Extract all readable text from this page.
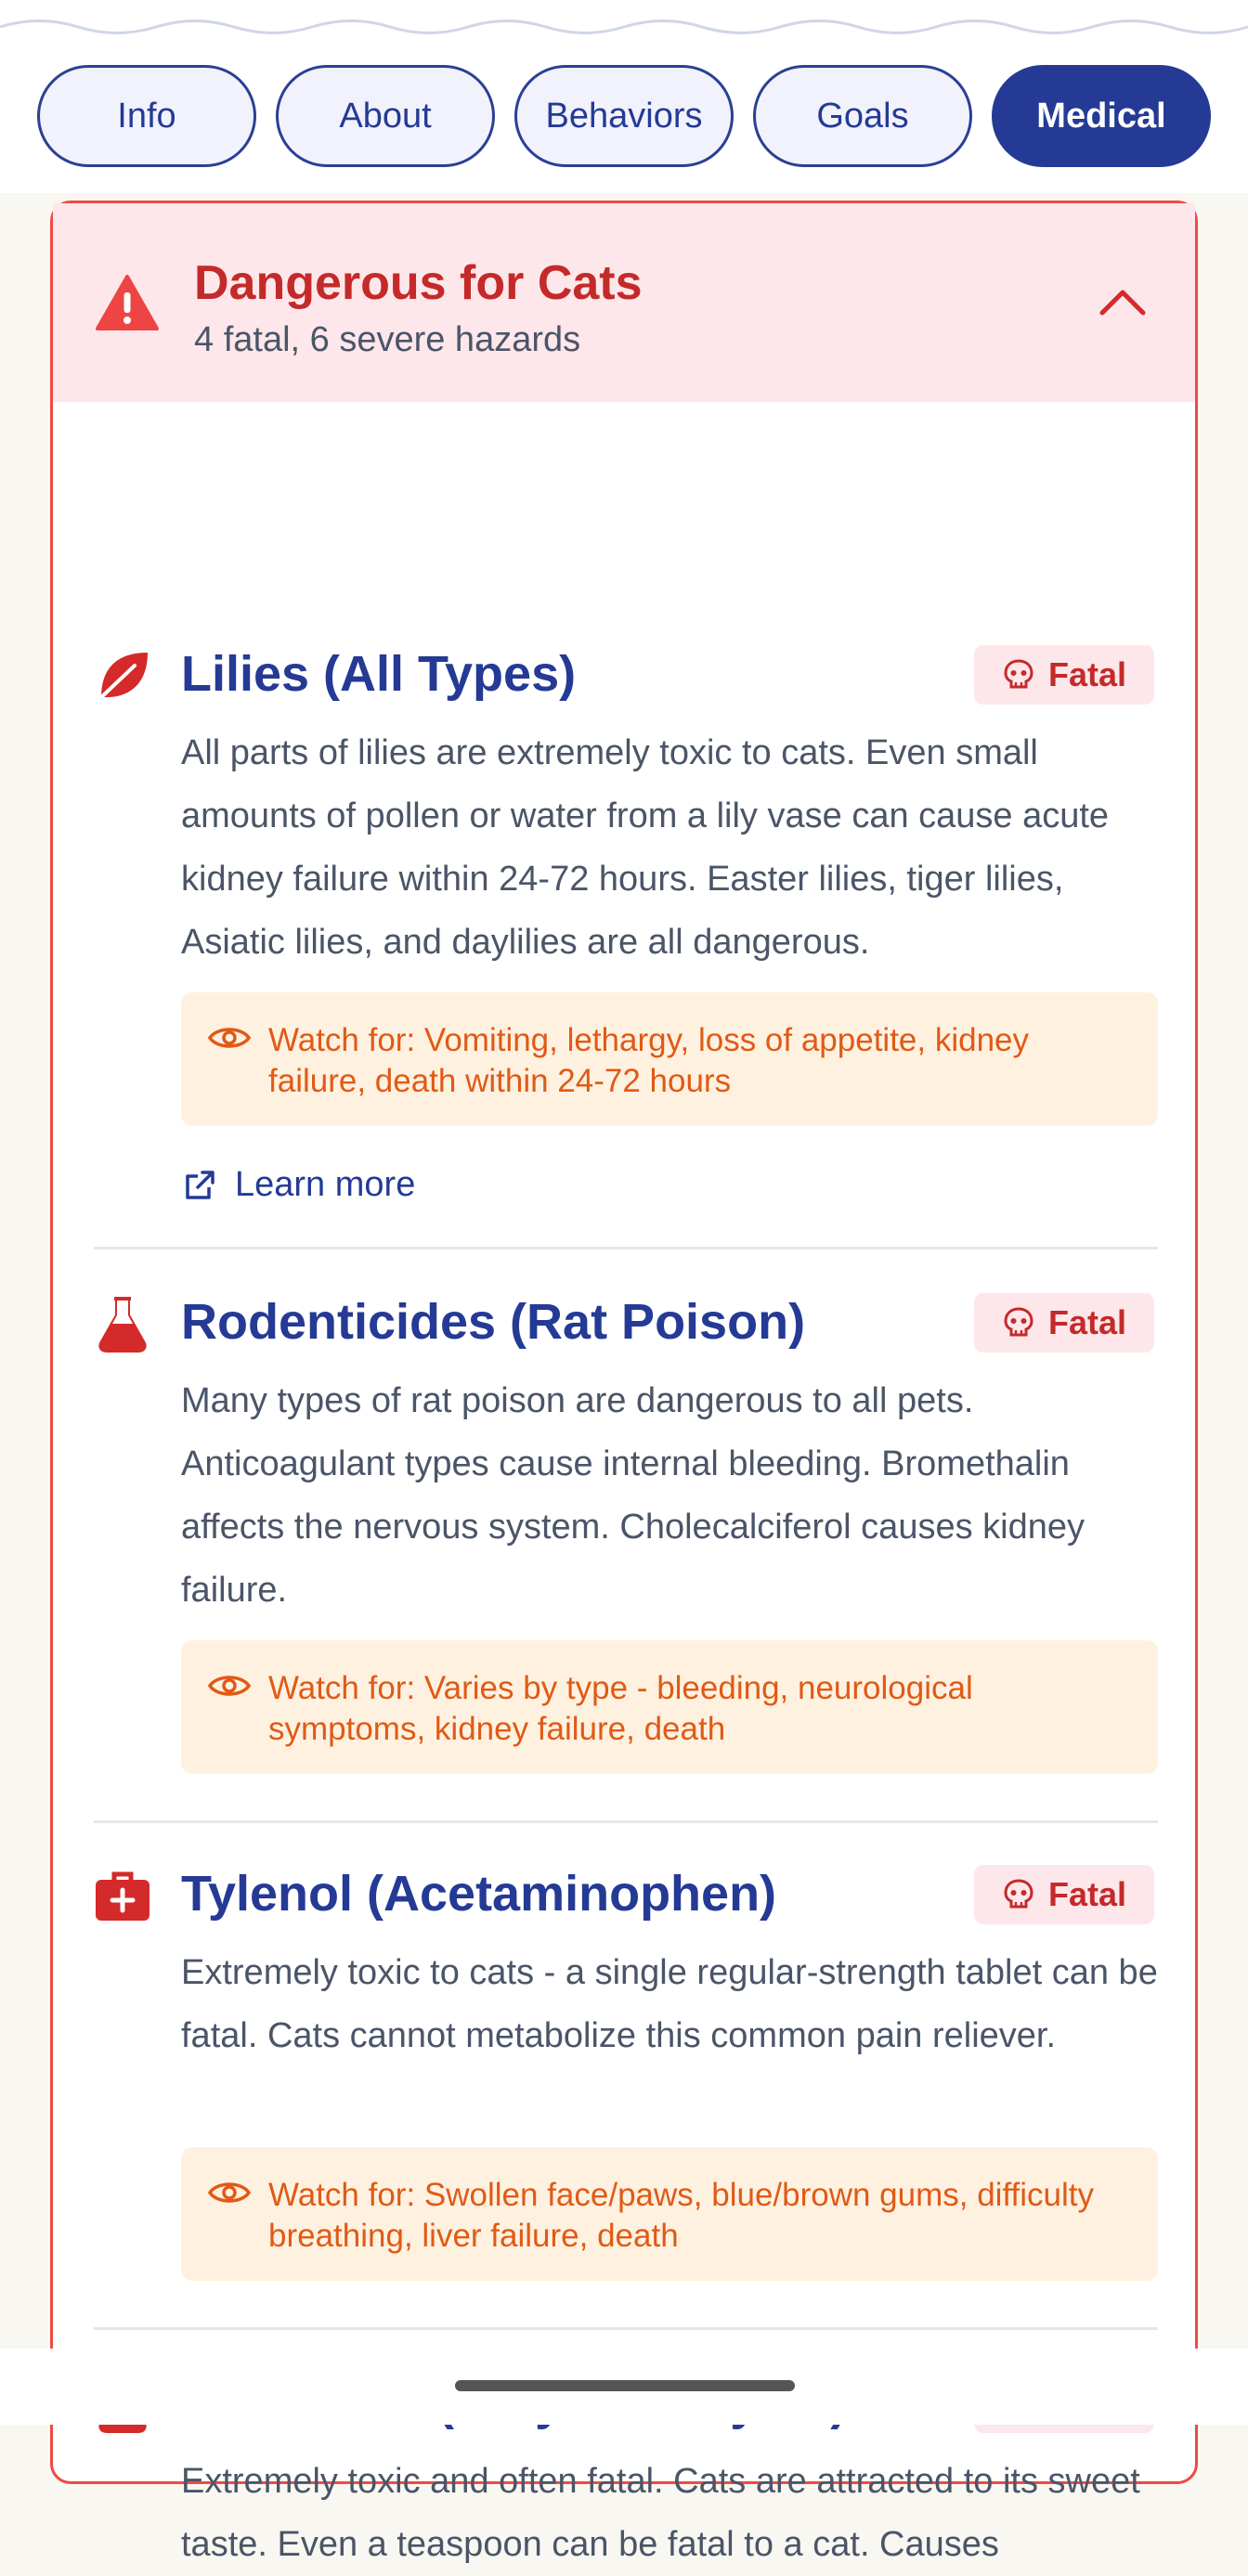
Info	About	Behaviors	Goals	Medical
Dangerous for Cats
4 fatal, 6 severe hazards
Lilies (All Types)	Fatal
All parts of lilies are extremely toxic to cats. Even small amounts of pollen or water from a lily vase can cause acute kidney failure within 24-72 hours. Easter lilies, tiger lilies, Asiatic lilies, and daylilies are all dangerous.
Watch for: Vomiting, lethargy, loss of appetite, kidney failure, death within 24-72 hours
Learn more
Rodenticides (Rat Poison)	Fatal
Many types of rat poison are dangerous to all pets. Anticoagulant types cause internal bleeding. Bromethalin affects the nervous system. Cholecalciferol causes kidney failure.
Watch for: Varies by type - bleeding, neurological symptoms, kidney failure, death
Tylenol (Acetaminophen)	Fatal
Extremely toxic to cats - a single regular-strength tablet can be fatal. Cats cannot metabolize this common pain reliever.
Watch for: Swollen face/paws, blue/brown gums, difficulty breathing, liver failure, death
Extremely toxic and often fatal. Cats are attracted to its sweet taste. Even a teaspoon can be fatal to a cat. Causes
